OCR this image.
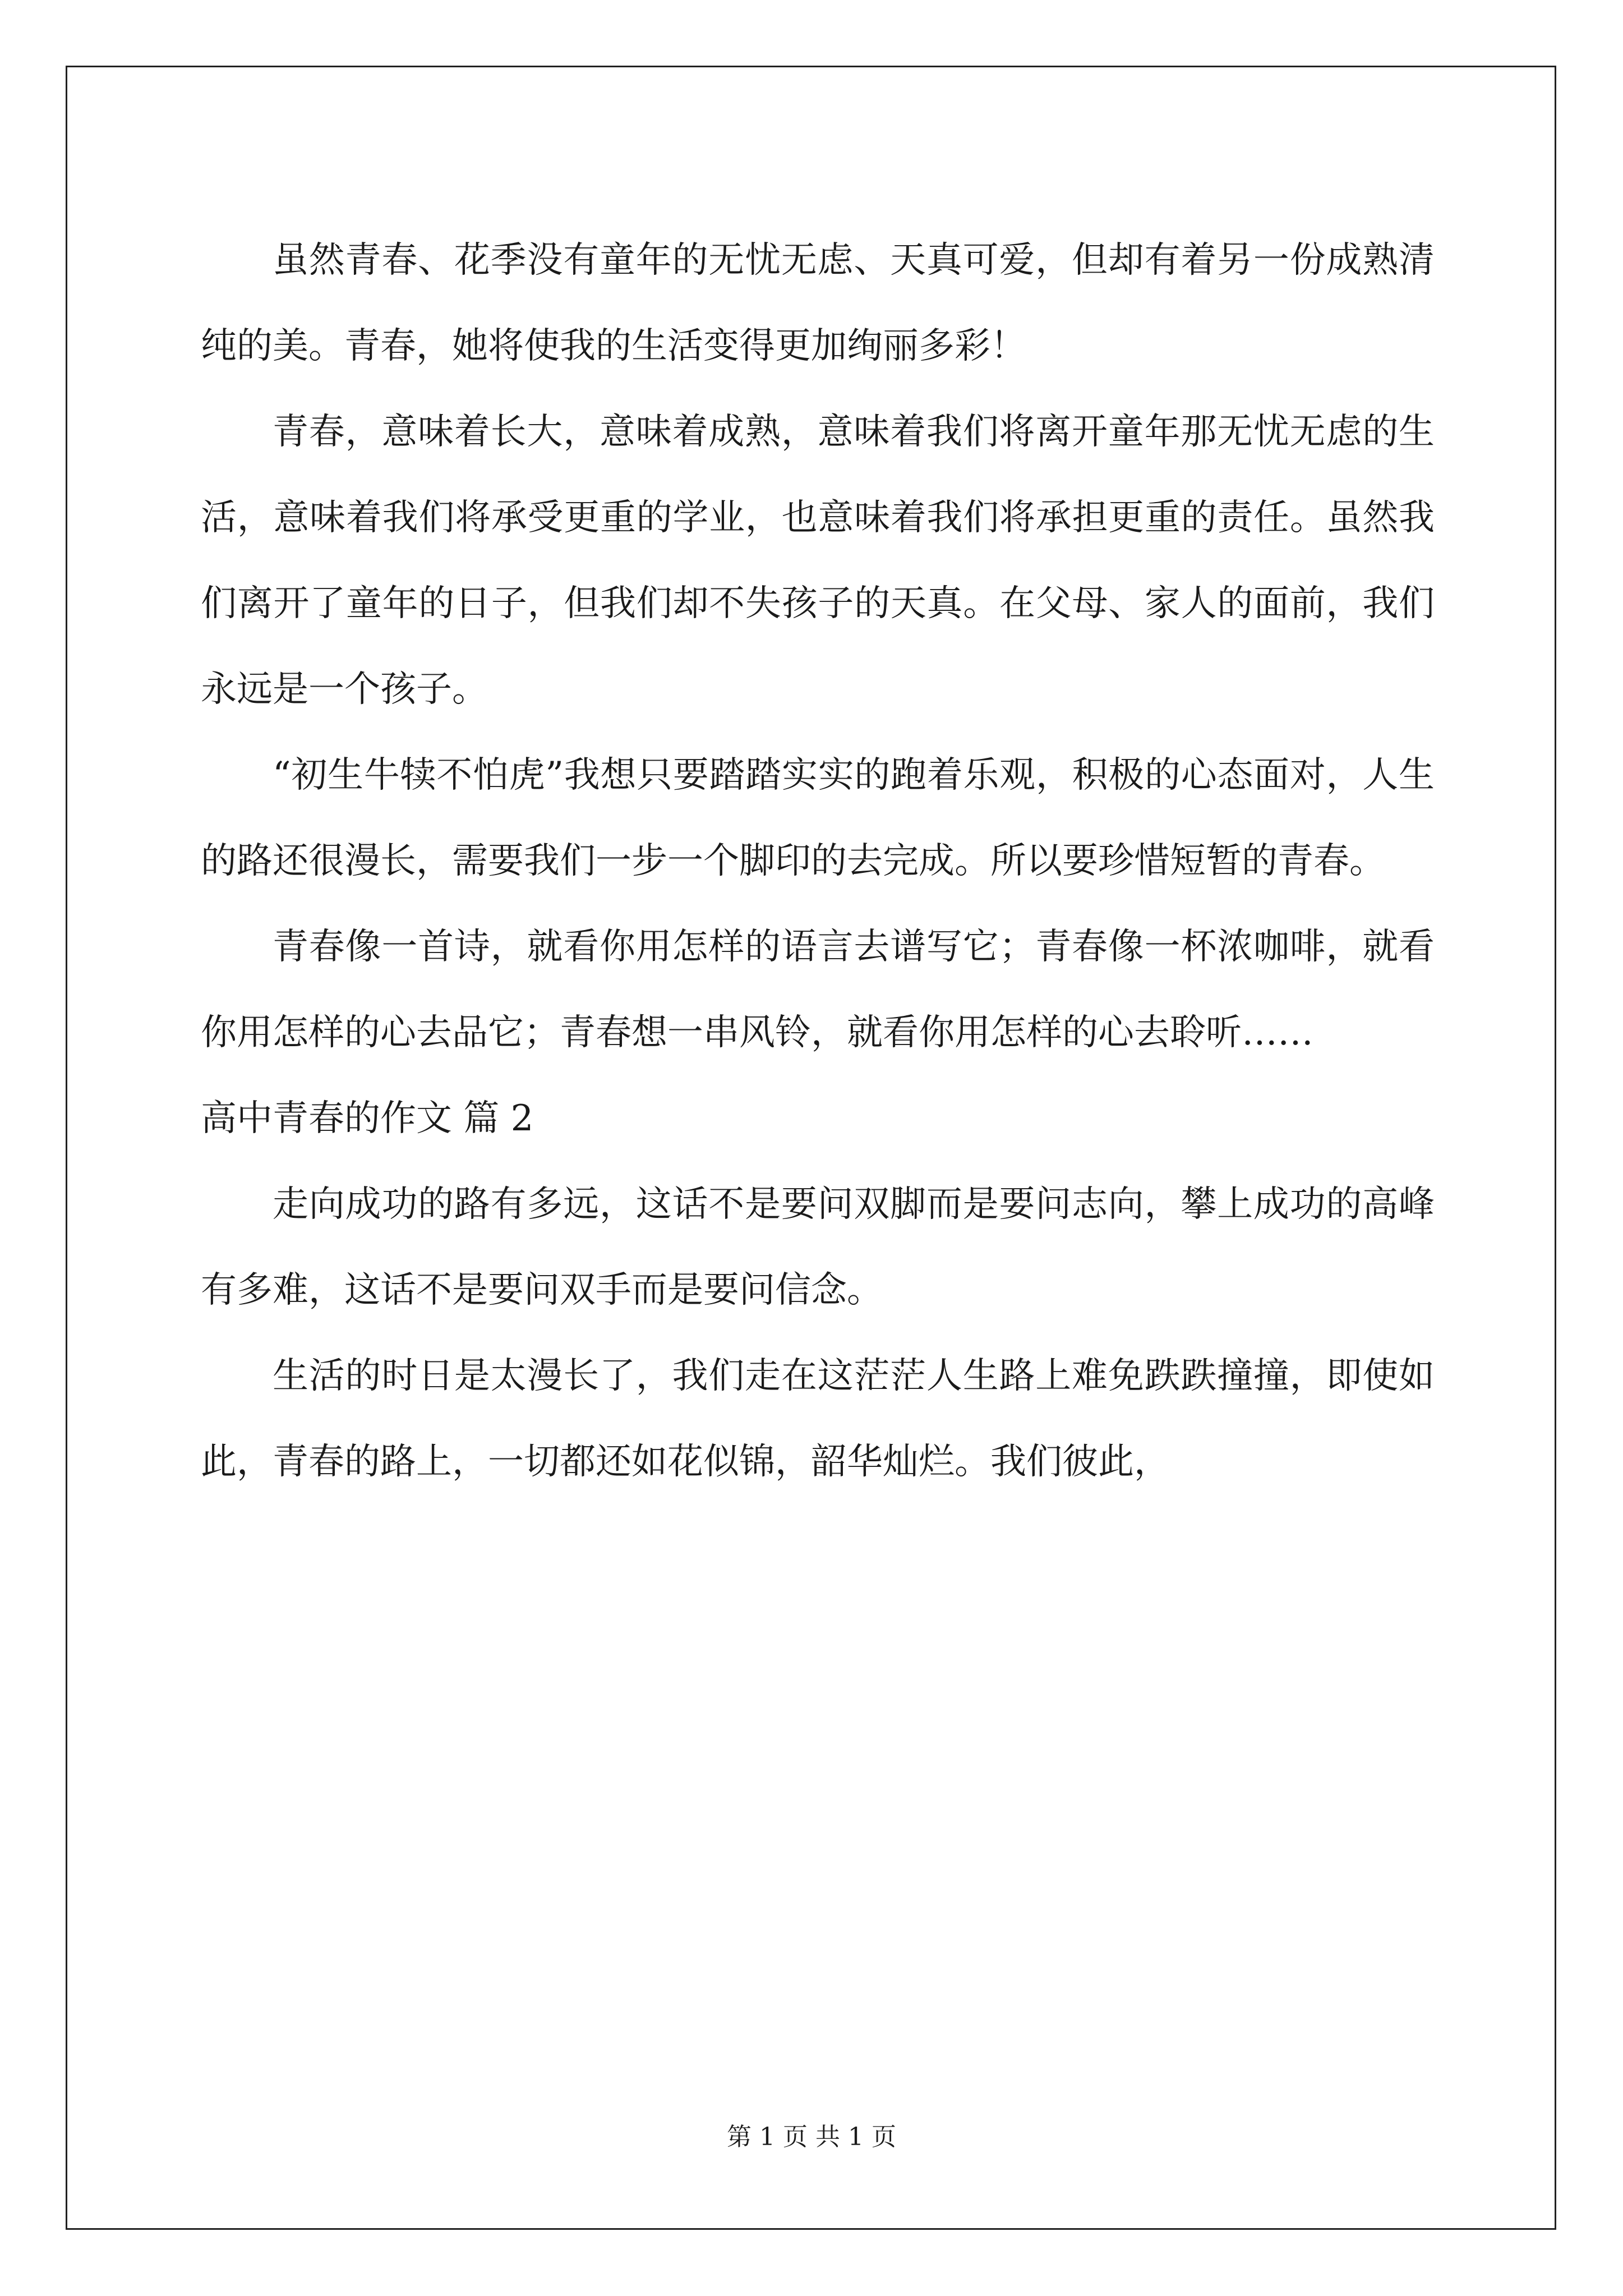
虽然青春、花季没有童年的无忧无虑、天真可爱，但却有着另一份成熟清纯的美。青春，她将使我的生活变得更加绚丽多彩！

青春，意味着长大，意味着成熟，意味着我们将离开童年那无忧无虑的生活，意味着我们将承受更重的学业，也意味着我们将承担更重的责任。虽然我们离开了童年的日子，但我们却不失孩子的天真。在父母、家人的面前，我们永远是一个孩子。

“初生牛犊不怕虎”我想只要踏踏实实的跑着乐观，积极的心态面对，人生的路还很漫长，需要我们一步一个脚印的去完成。所以要珍惜短暂的青春。

青春像一首诗，就看你用怎样的语言去谱写它；青春像一杯浓咖啡，就看你用怎样的心去品它；青春想一串风铃，就看你用怎样的心去聆听……

高中青春的作文 篇 2

走向成功的路有多远，这话不是要问双脚而是要问志向，攀上成功的高峰有多难，这话不是要问双手而是要问信念。

生活的时日是太漫长了，我们走在这茫茫人生路上难免跌跌撞撞，即使如此，青春的路上，一切都还如花似锦，韶华灿烂。我们彼此，

第 1 页 共 1 页
